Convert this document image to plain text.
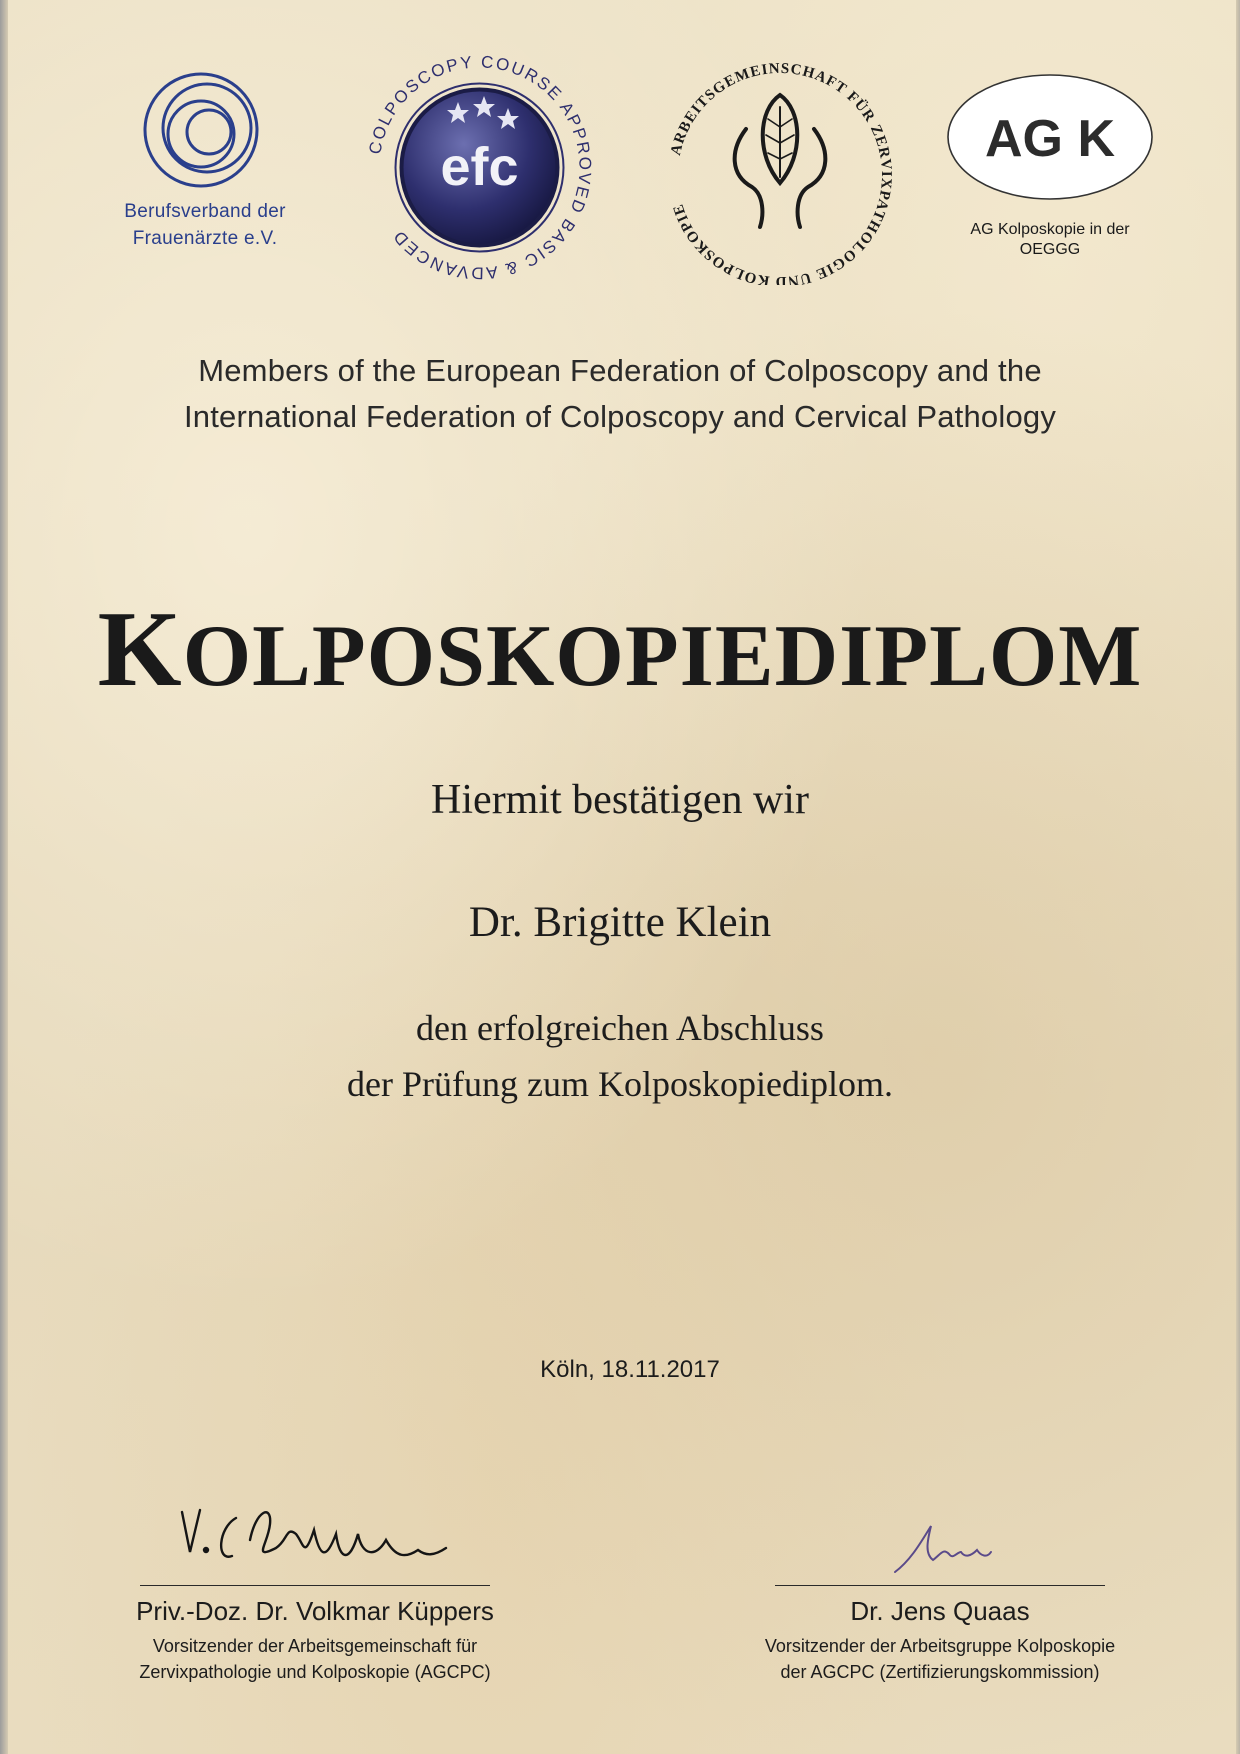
Berufsverband der Frauenärzte e.V.
efc
COLPOSCOPY COURSE APPROVED BASIC & ADVANCED
ARBEITSGEMEINSCHAFT FÜR ZERVIXPATHOLOGIE UND KOLPOSKOPIE
AG K
AG Kolposkopie in der OEGGG
Members of the European Federation of Colposcopy and the
International Federation of Colposcopy and Cervical Pathology
KOLPOSKOPIEDIPLOM
Hiermit bestätigen wir
Dr. Brigitte Klein
den erfolgreichen Abschluss
der Prüfung zum Kolposkopiediplom.
Köln, 18.11.2017
Priv.-Doz. Dr. Volkmar Küppers
Vorsitzender der Arbeitsgemeinschaft für
Zervixpathologie und Kolposkopie (AGCPC)
Dr. Jens Quaas
Vorsitzender der Arbeitsgruppe Kolposkopie
der AGCPC (Zertifizierungskommission)
